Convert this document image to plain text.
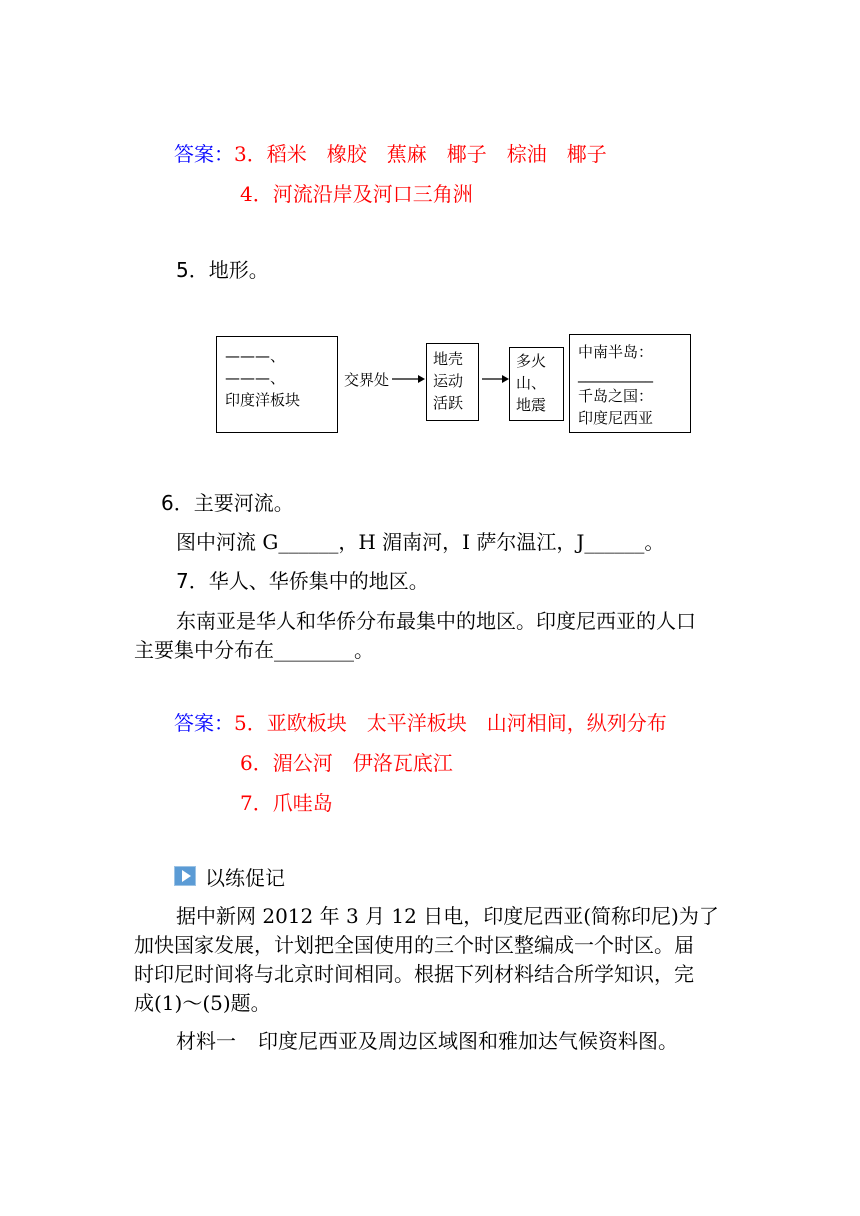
答案：3．稻米　橡胶　蕉麻　椰子　棕油　椰子
4．河流沿岸及河口三角洲
5．地形。
———、
———、
印度洋板块
交界处
地壳
运动
活跃
多火
山、
地震
中南半岛：
__________
千岛之国：
印度尼西亚
6．主要河流。
图中河流 G______，H 湄南河，Ⅰ 萨尔温江，J______。
7．华人、华侨集中的地区。
东南亚是华人和华侨分布最集中的地区。印度尼西亚的人口
主要集中分布在________。
答案：5．亚欧板块　太平洋板块　山河相间，纵列分布
6．湄公河　伊洛瓦底江
7．爪哇岛
以练促记
据中新网 2012 年 3 月 12 日电，印度尼西亚(简称印尼)为了
加快国家发展，计划把全国使用的三个时区整编成一个时区。届
时印尼时间将与北京时间相同。根据下列材料结合所学知识，完
成(1)～(5)题。
材料一 印度尼西亚及周边区域图和雅加达气候资料图。
